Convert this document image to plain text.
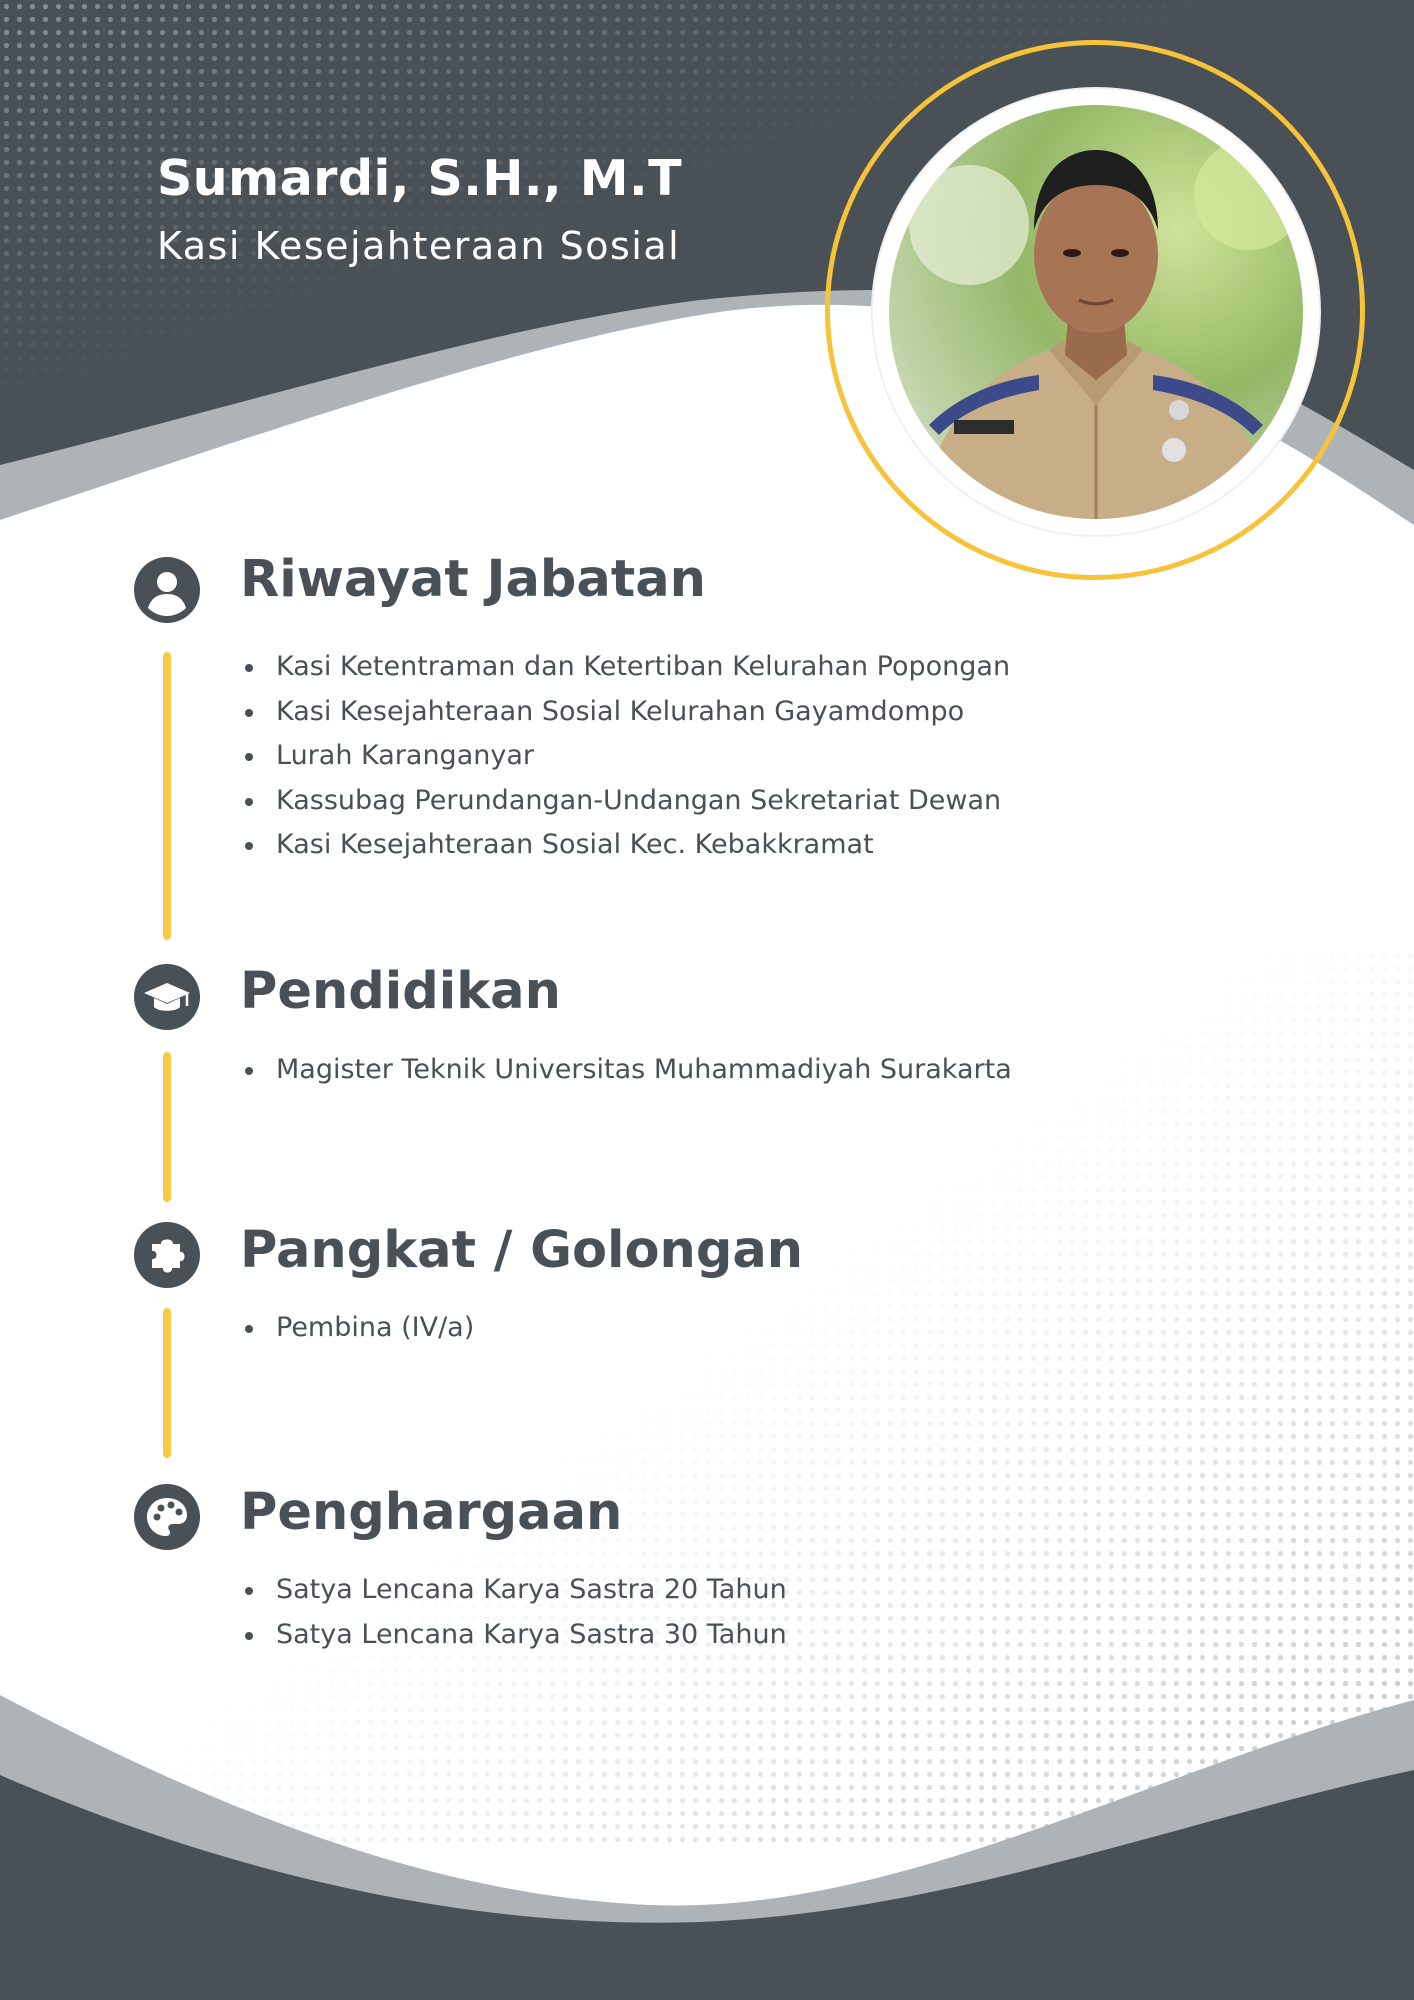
Sumardi, S.H., M.T

Kasi Kesejahteraan Sosial

Riwayat Jabatan
Kasi Ketentraman dan Ketertiban Kelurahan Popongan
Kasi Kesejahteraan Sosial Kelurahan Gayamdompo
Lurah Karanganyar
Kassubag Perundangan-Undangan Sekretariat Dewan
Kasi Kesejahteraan Sosial Kec. Kebakkramat
Pendidikan
Magister Teknik Universitas Muhammadiyah Surakarta
Pangkat / Golongan
Pembina (IV/a)
Penghargaan
Satya Lencana Karya Sastra 20 Tahun
Satya Lencana Karya Sastra 30 Tahun
